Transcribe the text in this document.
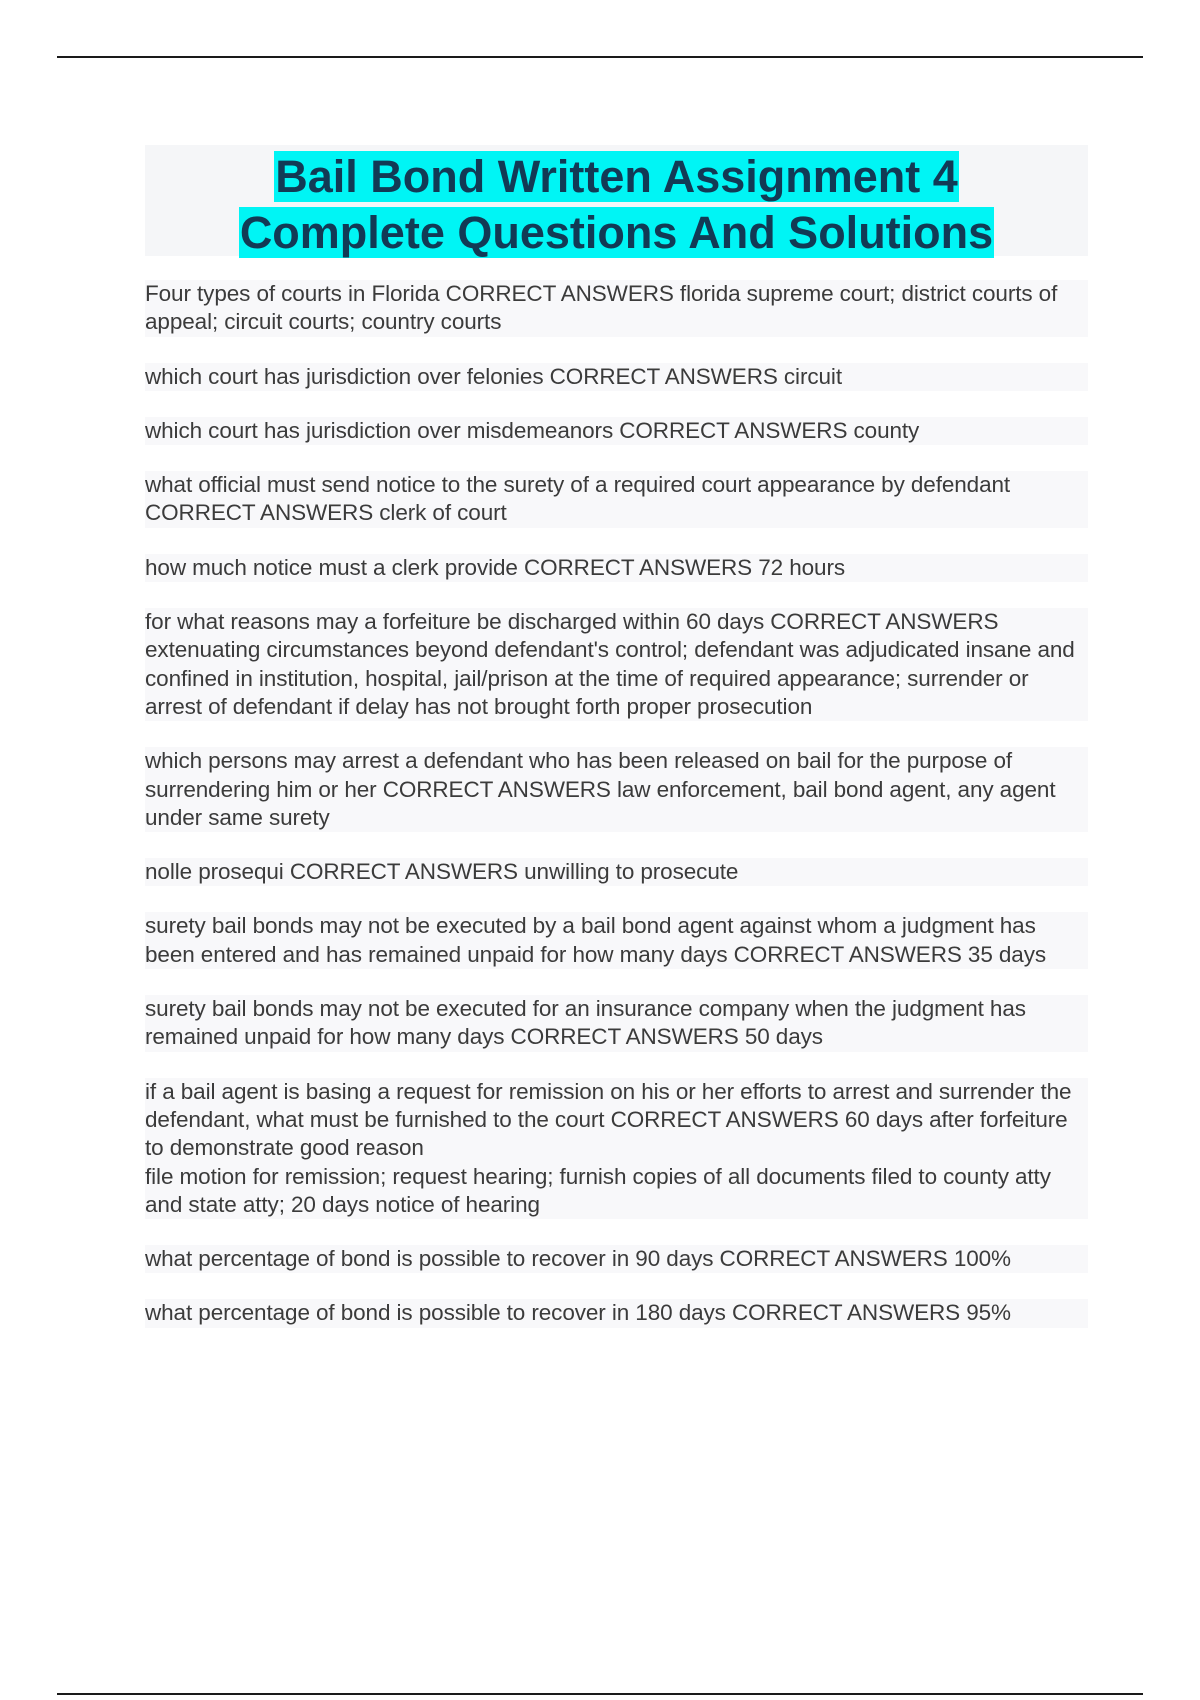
Bail Bond Written Assignment 4
Complete Questions And Solutions
Four types of courts in Florida CORRECT ANSWERS florida supreme court; district courts of appeal; circuit courts; country courts
which court has jurisdiction over felonies CORRECT ANSWERS circuit
which court has jurisdiction over misdemeanors CORRECT ANSWERS county
what official must send notice to the surety of a required court appearance by defendant CORRECT ANSWERS clerk of court
how much notice must a clerk provide CORRECT ANSWERS 72 hours
for what reasons may a forfeiture be discharged within 60 days CORRECT ANSWERS extenuating circumstances beyond defendant's control; defendant was adjudicated insane and confined in institution, hospital, jail/prison at the time of required appearance; surrender or arrest of defendant if delay has not brought forth proper prosecution
which persons may arrest a defendant who has been released on bail for the purpose of surrendering him or her CORRECT ANSWERS law enforcement, bail bond agent, any agent under same surety
nolle prosequi CORRECT ANSWERS unwilling to prosecute
surety bail bonds may not be executed by a bail bond agent against whom a judgment has been entered and has remained unpaid for how many days CORRECT ANSWERS 35 days
surety bail bonds may not be executed for an insurance company when the judgment has remained unpaid for how many days CORRECT ANSWERS 50 days
if a bail agent is basing a request for remission on his or her efforts to arrest and surrender the defendant, what must be furnished to the court CORRECT ANSWERS 60 days after forfeiture to demonstrate good reason
file motion for remission; request hearing; furnish copies of all documents filed to county atty and state atty; 20 days notice of hearing
what percentage of bond is possible to recover in 90 days CORRECT ANSWERS 100%
what percentage of bond is possible to recover in 180 days CORRECT ANSWERS 95%
